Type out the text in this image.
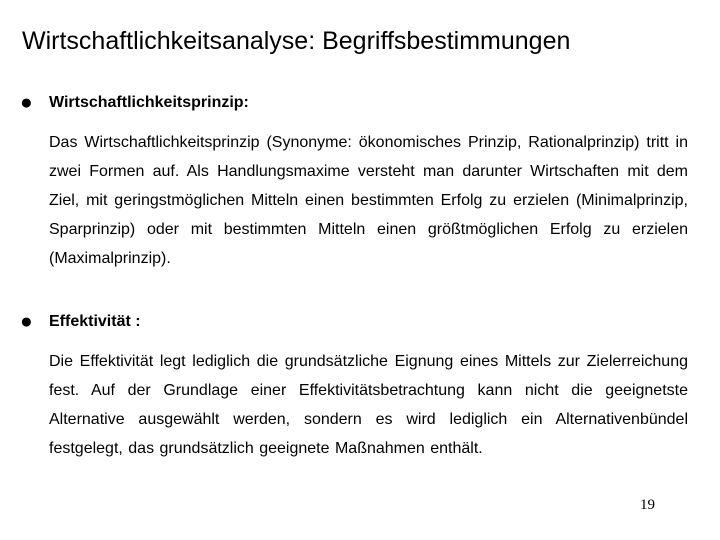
Wirtschaftlichkeitsanalyse: Begriffsbestimmungen
● Wirtschaftlichkeitsprinzip:

Das Wirtschaftlichkeitsprinzip (Synonyme: ökonomisches Prinzip, Rationalprinzip) tritt in zwei Formen auf. Als Handlungsmaxime versteht man darunter Wirtschaften mit dem Ziel, mit geringstmöglichen Mitteln einen bestimmten Erfolg zu erzielen (Minimalprinzip, Sparprinzip) oder mit bestimmten Mitteln einen größtmöglichen Erfolg zu erzielen (Maximalprinzip).

● Effektivität :

Die Effektivität legt lediglich die grundsätzliche Eignung eines Mittels zur Zielerreichung fest. Auf der Grundlage einer Effektivitätsbetrachtung kann nicht die geeignetste Alternative ausgewählt werden, sondern es wird lediglich ein Alternativenbündel festgelegt, das grundsätzlich geeignete Maßnahmen enthält.

19
